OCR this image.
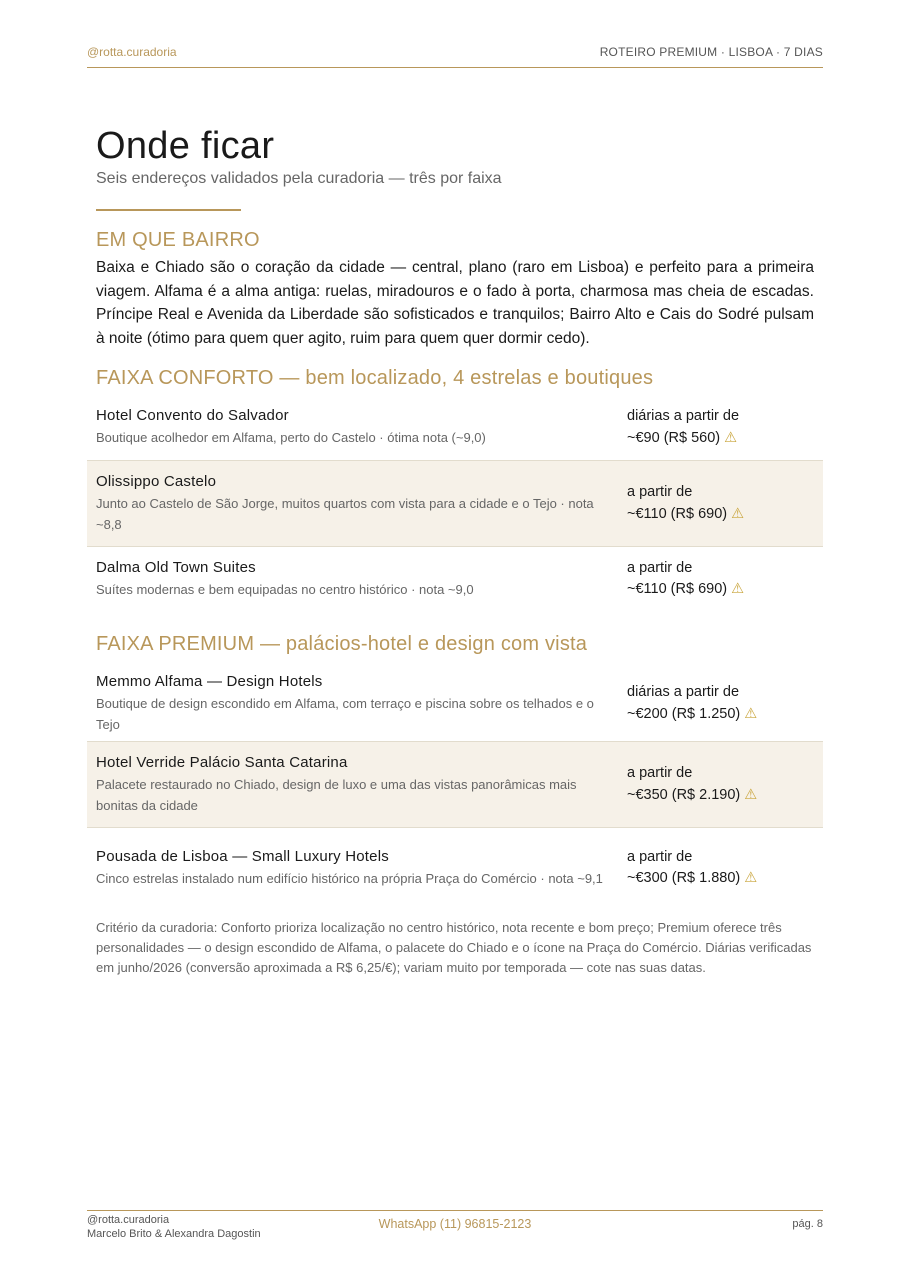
@rotta.curadoria	ROTEIRO PREMIUM · LISBOA · 7 DIAS
Onde ficar
Seis endereços validados pela curadoria — três por faixa
EM QUE BAIRRO

Baixa e Chiado são o coração da cidade — central, plano (raro em Lisboa) e perfeito para a primeira viagem. Alfama é a alma antiga: ruelas, miradouros e o fado à porta, charmosa mas cheia de escadas. Príncipe Real e Avenida da Liberdade são sofisticados e tranquilos; Bairro Alto e Cais do Sodré pulsam à noite (ótimo para quem quer agito, ruim para quem quer dormir cedo).

FAIXA CONFORTO — bem localizado, 4 estrelas e boutiques
Hotel Convento do Salvador
Boutique acolhedor em Alfama, perto do Castelo · ótima nota (~9,0)
diárias a partir de
~€90 (R$ 560) ⚠
Olissippo Castelo
Junto ao Castelo de São Jorge, muitos quartos com vista para a cidade e o Tejo · nota ~8,8
a partir de
~€110 (R$ 690) ⚠
Dalma Old Town Suites
Suítes modernas e bem equipadas no centro histórico · nota ~9,0
a partir de
~€110 (R$ 690) ⚠
FAIXA PREMIUM — palácios-hotel e design com vista
Memmo Alfama — Design Hotels
Boutique de design escondido em Alfama, com terraço e piscina sobre os telhados e o Tejo
diárias a partir de
~€200 (R$ 1.250) ⚠
Hotel Verride Palácio Santa Catarina
Palacete restaurado no Chiado, design de luxo e uma das vistas panorâmicas mais bonitas da cidade
a partir de
~€350 (R$ 2.190) ⚠
Pousada de Lisboa — Small Luxury Hotels
Cinco estrelas instalado num edifício histórico na própria Praça do Comércio · nota ~9,1
a partir de
~€300 (R$ 1.880) ⚠
Critério da curadoria: Conforto prioriza localização no centro histórico, nota recente e bom preço; Premium oferece três personalidades — o design escondido de Alfama, o palacete do Chiado e o ícone na Praça do Comércio. Diárias verificadas em junho/2026 (conversão aproximada a R$ 6,25/€); variam muito por temporada — cote nas suas datas.
@rotta.curadoria
Marcelo Brito & Alexandra Dagostin
WhatsApp (11) 96815-2123	pág. 8
